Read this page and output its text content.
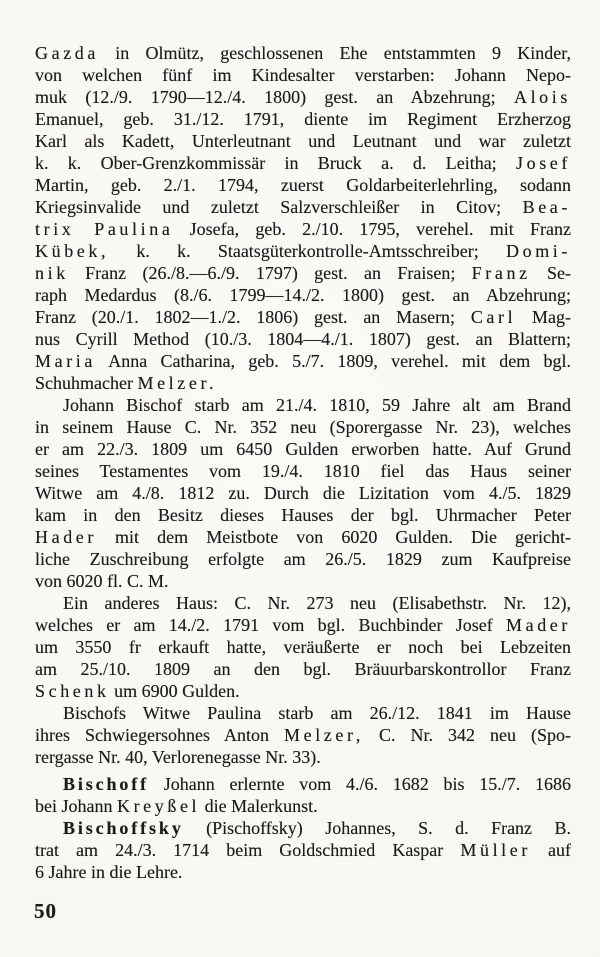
Gazda in Olmütz, geschlossenen Ehe entstammten 9 Kinder,
von welchen fünf im Kindesalter verstarben: Johann Nepo-
muk (12./9. 1790—12./4. 1800) gest. an Abzehrung; Alois
Emanuel, geb. 31./12. 1791, diente im Regiment Erzherzog
Karl als Kadett, Unterleutnant und Leutnant und war zuletzt
k. k. Ober-Grenzkommissär in Bruck a. d. Leitha; Josef
Martin, geb. 2./1. 1794, zuerst Goldarbeiterlehrling, sodann
Kriegsinvalide und zuletzt Salzverschleißer in Citov; Bea-
trix Paulina Josefa, geb. 2./10. 1795, verehel. mit Franz
Kübek, k. k. Staatsgüterkontrolle-Amtsschreiber; Domi-
nik Franz (26./8.—6./9. 1797) gest. an Fraisen; Franz Se-
raph Medardus (8./6. 1799—14./2. 1800) gest. an Abzehrung;
Franz (20./1. 1802—1./2. 1806) gest. an Masern; Carl Mag-
nus Cyrill Method (10./3. 1804—4./1. 1807) gest. an Blattern;
Maria Anna Catharina, geb. 5./7. 1809, verehel. mit dem bgl.
Schuhmacher Melzer.
Johann Bischof starb am 21./4. 1810, 59 Jahre alt am Brand
in seinem Hause C. Nr. 352 neu (Sporergasse Nr. 23), welches
er am 22./3. 1809 um 6450 Gulden erworben hatte. Auf Grund
seines Testamentes vom 19./4. 1810 fiel das Haus seiner
Witwe am 4./8. 1812 zu. Durch die Lizitation vom 4./5. 1829
kam in den Besitz dieses Hauses der bgl. Uhrmacher Peter
Hader mit dem Meistbote von 6020 Gulden. Die gericht-
liche Zuschreibung erfolgte am 26./5. 1829 zum Kaufpreise
von 6020 fl. C. M.
Ein anderes Haus: C. Nr. 273 neu (Elisabethstr. Nr. 12),
welches er am 14./2. 1791 vom bgl. Buchbinder Josef Mader
um 3550 fr erkauft hatte, veräußerte er noch bei Lebzeiten
am 25./10. 1809 an den bgl. Bräuurbarskontrollor Franz
Schenk um 6900 Gulden.
Bischofs Witwe Paulina starb am 26./12. 1841 im Hause
ihres Schwiegersohnes Anton Melzer, C. Nr. 342 neu (Spo-
rergasse Nr. 40, Verlorenegasse Nr. 33).
Bischoff Johann erlernte vom 4./6. 1682 bis 15./7. 1686
bei Johann Kreyßel die Malerkunst.
Bischoffsky (Pischoffsky) Johannes, S. d. Franz B.
trat am 24./3. 1714 beim Goldschmied Kaspar Müller auf
6 Jahre in die Lehre.
50
